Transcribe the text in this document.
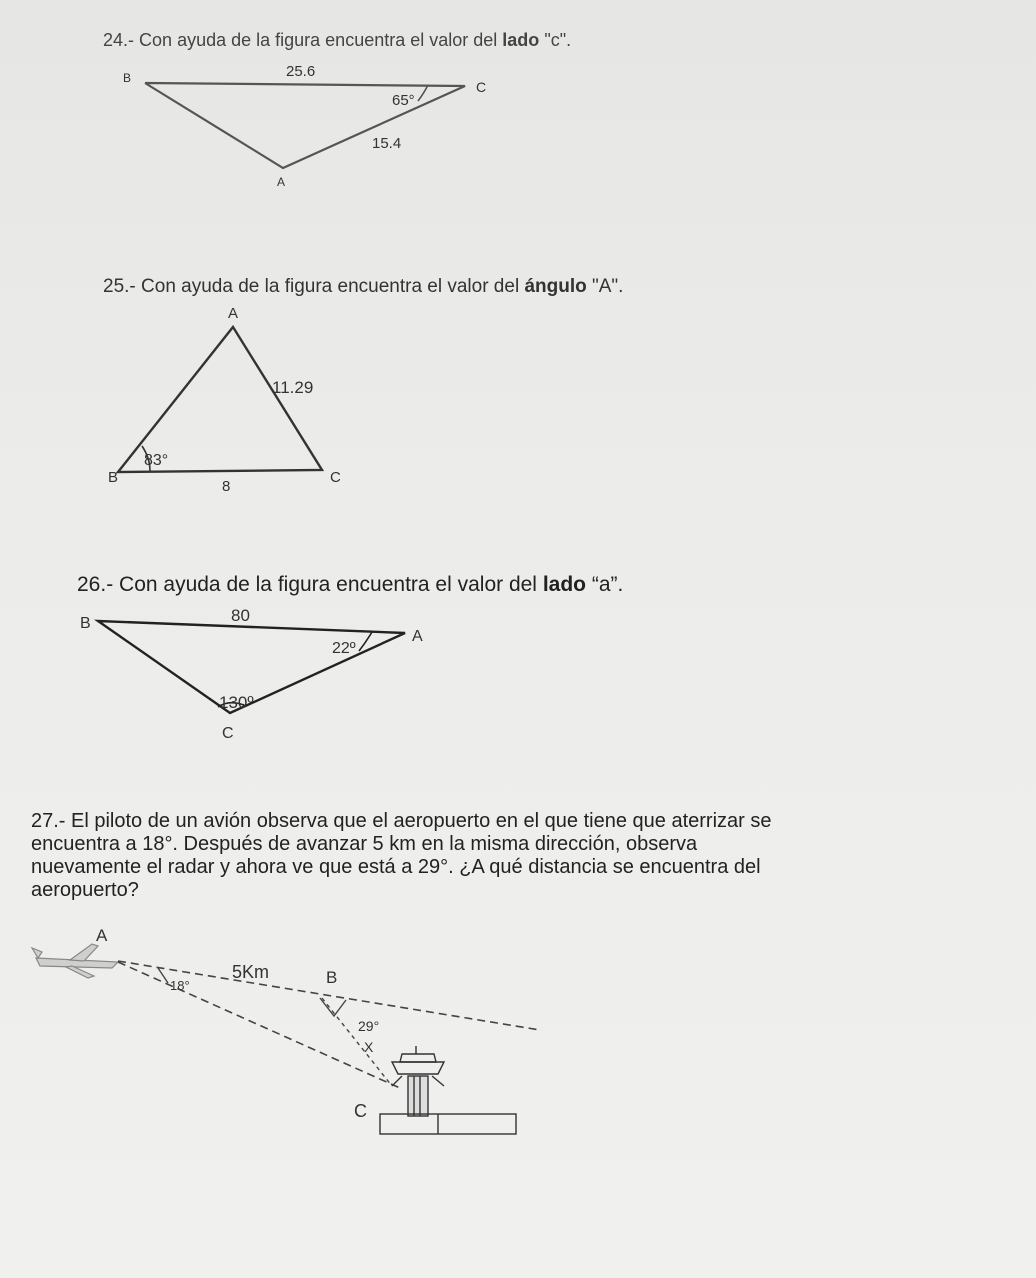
24.- Con ayuda de la figura encuentra el valor del lado "c".

B
C
A
25.6
65°
15.4

25.- Con ayuda de la figura encuentra el valor del ángulo "A".

A
B	C
11.29
8
83°

26.- Con ayuda de la figura encuentra el valor del lado “a”.

B
A
C
80
22º
130º

27.- El piloto de un avión observa que el aeropuerto en el que tiene que aterrizar se
encuentra a 18°. Después de avanzar 5 km en la misma dirección, observa
nuevamente el radar y ahora ve que está a 29°. ¿A qué distancia se encuentra del
aeropuerto?

A
18°
5Km	B
29°
X
C
